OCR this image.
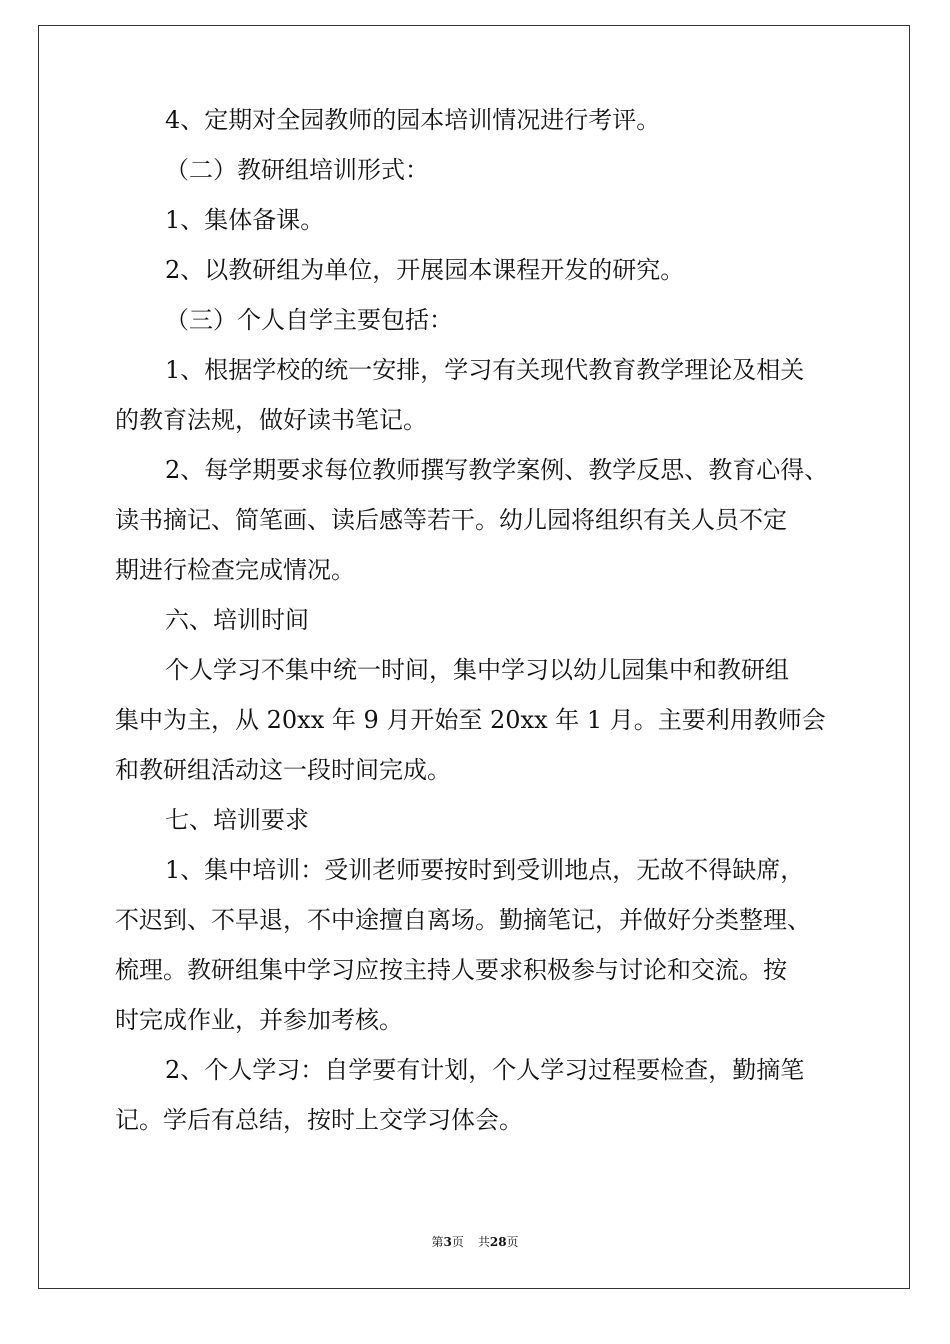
4、定期对全园教师的园本培训情况进行考评。

（二）教研组培训形式：

1、集体备课。

2、以教研组为单位，开展园本课程开发的研究。

（三）个人自学主要包括：

1、根据学校的统一安排，学习有关现代教育教学理论及相关

的教育法规，做好读书笔记。

2、每学期要求每位教师撰写教学案例、教学反思、教育心得、

读书摘记、简笔画、读后感等若干。幼儿园将组织有关人员不定

期进行检查完成情况。

六、培训时间

个人学习不集中统一时间，集中学习以幼儿园集中和教研组

集中为主，从 20xx 年 9 月开始至 20xx 年 1 月。主要利用教师会

和教研组活动这一段时间完成。

七、培训要求

1、集中培训：受训老师要按时到受训地点，无故不得缺席，

不迟到、不早退，不中途擅自离场。勤摘笔记，并做好分类整理、

梳理。教研组集中学习应按主持人要求积极参与讨论和交流。按

时完成作业，并参加考核。

2、个人学习：自学要有计划，个人学习过程要检查，勤摘笔

记。学后有总结，按时上交学习体会。

第3页 共28页
